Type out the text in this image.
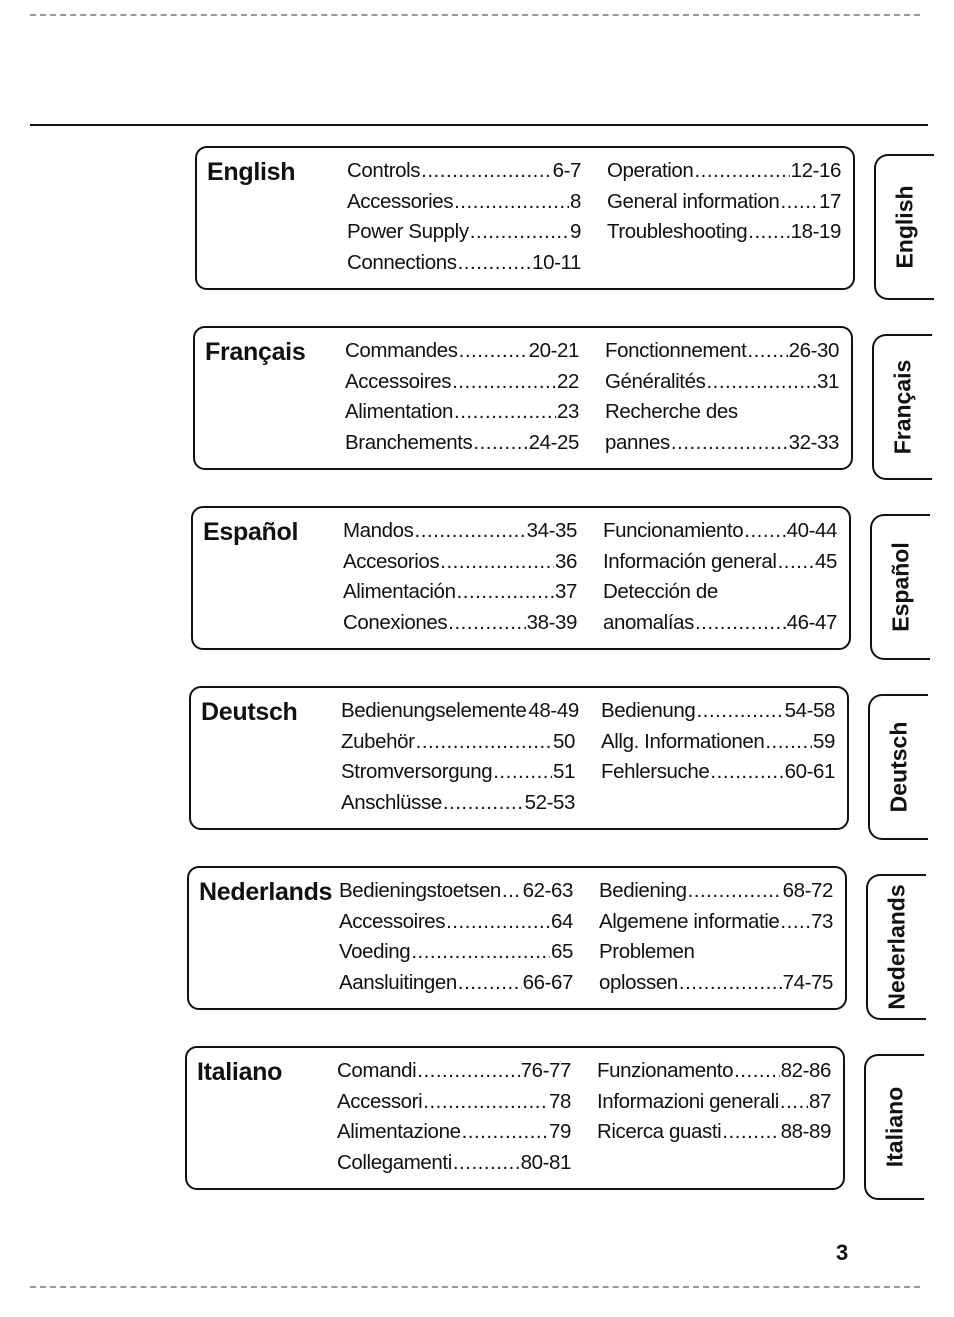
English	Controls .....	6-7
Accessories .....	8
Power Supply .....	9
Connections .....	10-11
Operation .....	12-16
General information ..... 17
Troubleshooting ..... 18-19 English
Français Commandes .....	20-21
Accessoires .....	22
Alimentation .....	23
Branchements .....	24-25
Fonctionnement ..... 26-30
Généralités .....	31
Recherche des
pannes .....	32-33 Français
Español Mandos .....	34-35
Accesorios .....	36
Alimentación .....	37
Conexiones .....	38-39
Funcionamiento ..... 40-44
Información general ..... 45
Detección de
anomalías .....	46-47 Español
Deutsch Bedienungselemente 48-49
Zubehör .....	50
Stromversorgung .....	51
Anschlüsse .....	52-53
Bedienung .....	54-58
Allg. Informationen ..... 59
Fehlersuche .....	60-61 Deutsch
Nederlands Bedieningstoetsen ..... 62-63
Accessoires .....	64
Voeding .....	65
Aansluitingen .....	66-67
Bediening .....	68-72
Algemene informatie ..... 73
Problemen
oplossen .....	74-75 Nederlands
Italiano	Comandi .....	76-77
Accessori .....	78
Alimentazione .....	79
Collegamenti .....	80-81
Funzionamento ..... 82-86
Informazioni generali ..... 87
Ricerca guasti .....	88-89 Italiano
3
